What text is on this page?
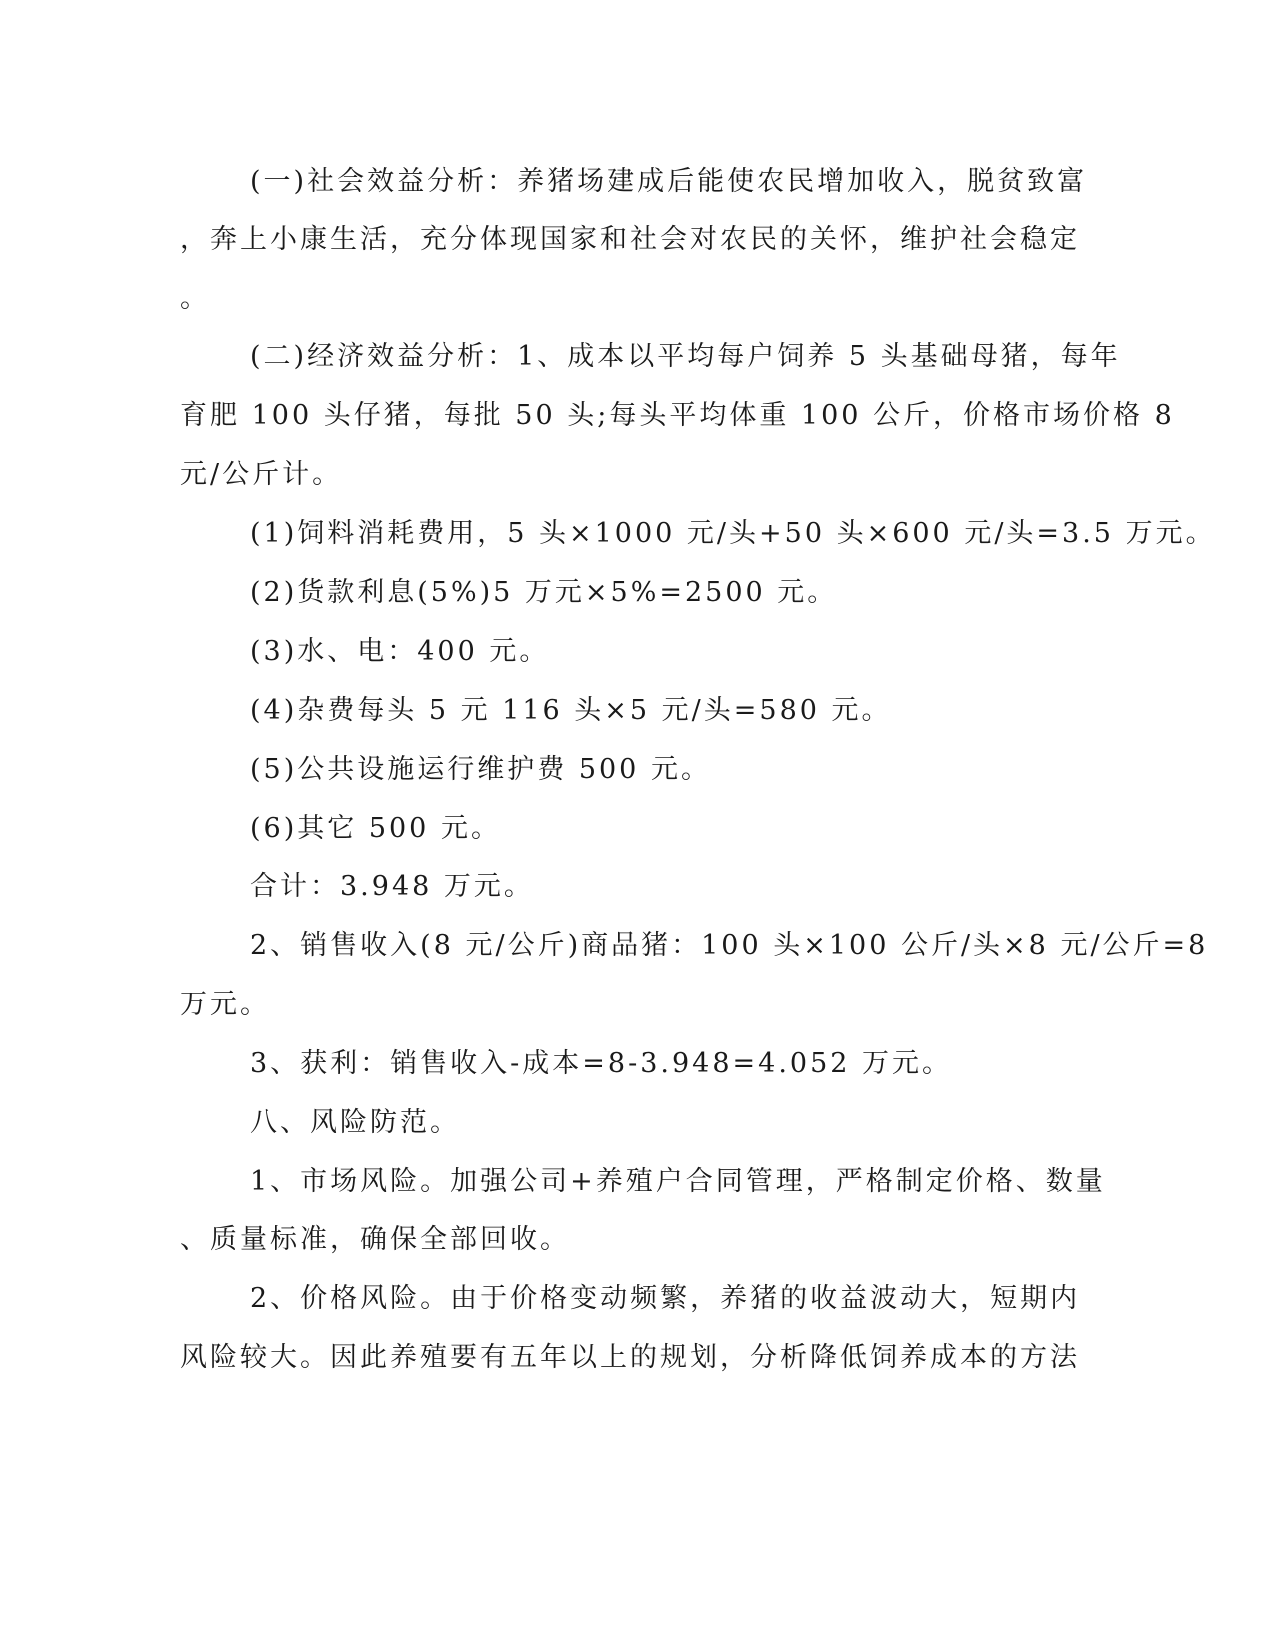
(一)社会效益分析：养猪场建成后能使农民增加收入，脱贫致富
，奔上小康生活，充分体现国家和社会对农民的关怀，维护社会稳定
。
(二)经济效益分析：1、成本以平均每户饲养 5 头基础母猪，每年
育肥 100 头仔猪，每批 50 头;每头平均体重 100 公斤，价格市场价格 8
元/公斤计。
(1)饲料消耗费用，5 头×1000 元/头+50 头×600 元/头=3.5 万元。
(2)货款利息(5%)5 万元×5%=2500 元。
(3)水、电：400 元。
(4)杂费每头 5 元 116 头×5 元/头=580 元。
(5)公共设施运行维护费 500 元。
(6)其它 500 元。
合计：3.948 万元。
2、销售收入(8 元/公斤)商品猪：100 头×100 公斤/头×8 元/公斤=8
万元。
3、获利：销售收入-成本=8-3.948=4.052 万元。
八、风险防范。
1、市场风险。加强公司+养殖户合同管理，严格制定价格、数量
、质量标准，确保全部回收。
2、价格风险。由于价格变动频繁，养猪的收益波动大，短期内
风险较大。因此养殖要有五年以上的规划，分析降低饲养成本的方法
